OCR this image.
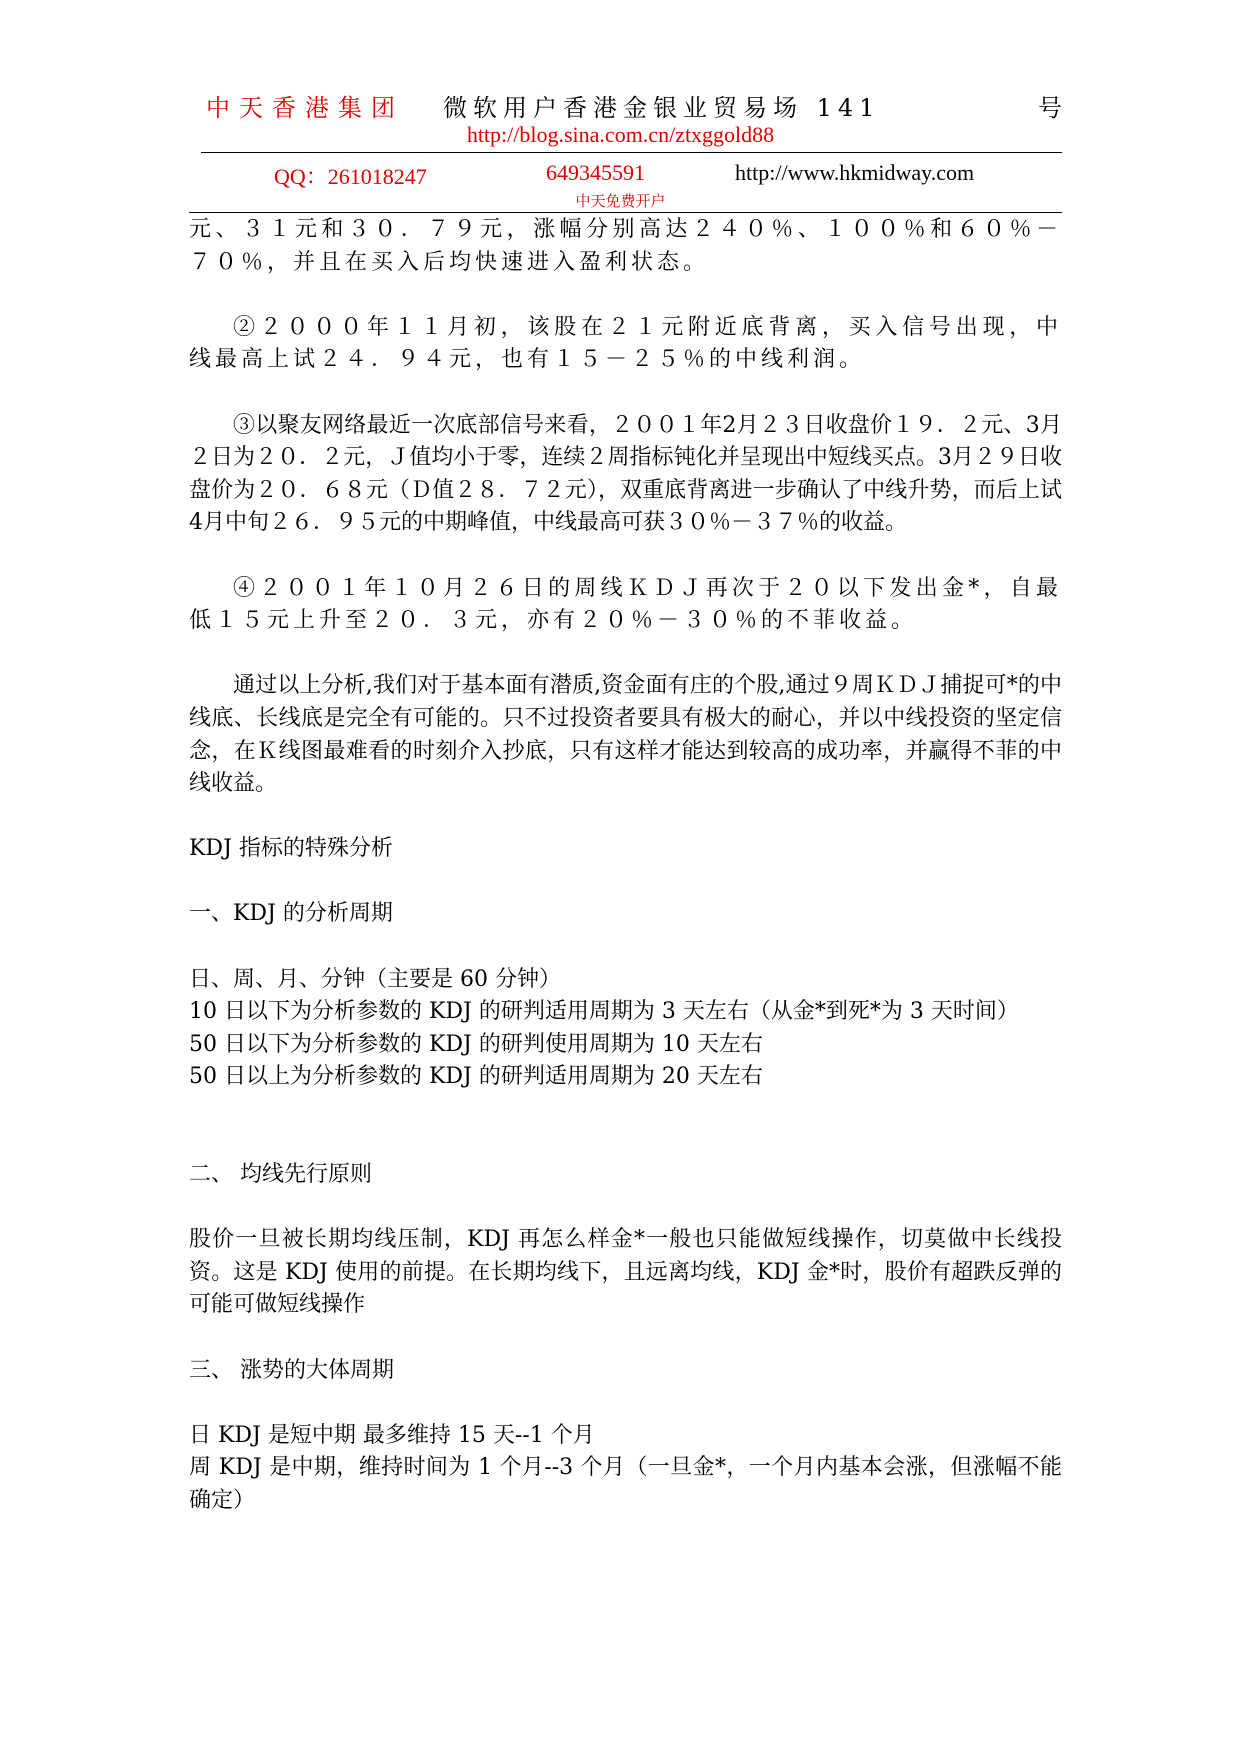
中天香港集团 微软用户香港金银业贸易场 141	号
http://blog.sina.com.cn/ztxggold88
QQ：261018247	649345591	http://www.hkmidway.com
中天免费开户

元、３１元和３０．７９元，涨幅分别高达２４０％、１００％和６０％－７０％，并且在买入后均快速进入盈利状态。

②２０００年１１月初，该股在２１元附近底背离，买入信号出现，中线最高上试２４．９４元，也有１５－２５％的中线利润。

③以聚友网络最近一次底部信号来看，２００１年2月２３日收盘价１９．２元、3月２日为２０．２元，Ｊ值均小于零，连续２周指标钝化并呈现出中短线买点。3月２９日收盘价为２０．６８元（Ｄ值２８．７２元），双重底背离进一步确认了中线升势，而后上试4月中旬２６．９５元的中期峰值，中线最高可获３０％－３７％的收益。

④２００１年１０月２６日的周线ＫＤＪ再次于２０以下发出金*，自最低１５元上升至２０．３元，亦有２０％－３０％的不菲收益。

通过以上分析,我们对于基本面有潜质,资金面有庄的个股,通过９周ＫＤＪ捕捉可*的中线底、长线底是完全有可能的。只不过投资者要具有极大的耐心，并以中线投资的坚定信念，在Ｋ线图最难看的时刻介入抄底，只有这样才能达到较高的成功率，并赢得不菲的中线收益。

KDJ 指标的特殊分析

一、KDJ 的分析周期

日、周、月、分钟（主要是 60 分钟）

10 日以下为分析参数的 KDJ 的研判适用周期为 3 天左右（从金*到死*为 3 天时间）

50 日以下为分析参数的 KDJ 的研判使用周期为 10 天左右

50 日以上为分析参数的 KDJ 的研判适用周期为 20 天左右

二、 均线先行原则

股价一旦被长期均线压制，KDJ 再怎么样金*一般也只能做短线操作，切莫做中长线投资。这是 KDJ 使用的前提。在长期均线下，且远离均线，KDJ 金*时，股价有超跌反弹的可能可做短线操作

三、 涨势的大体周期

日 KDJ 是短中期 最多维持 15 天--1 个月

周 KDJ 是中期，维持时间为 1 个月--3 个月（一旦金*，一个月内基本会涨，但涨幅不能确定）
